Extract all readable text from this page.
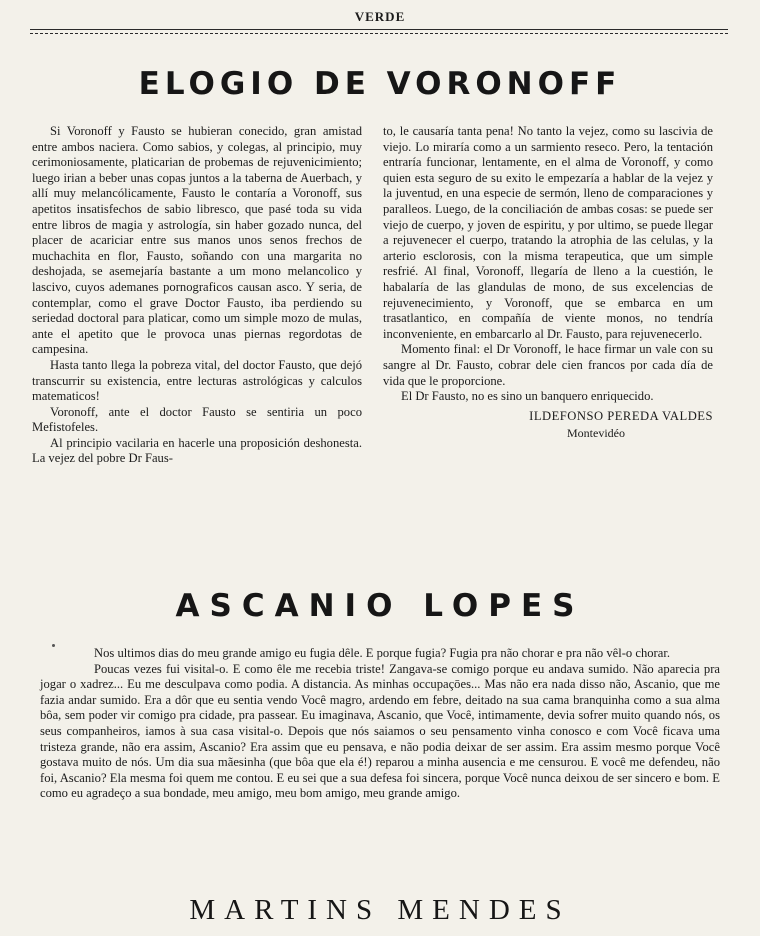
VERDE
ELOGIO DE VORONOFF

Si Voronoff y Fausto se hubieran conecido, gran amistad entre ambos naciera. Como sabios, y colegas, al principio, muy cerimoniosamente, platicarian de probemas de rejuvenicimiento; luego irian a beber unas copas juntos a la taberna de Auerbach, y allí muy melancólicamente, Fausto le contaría a Voronoff, sus apetitos insatisfechos de sabio libresco, que pasé toda su vida entre libros de magia y astrología, sin haber gozado nunca, del placer de acariciar entre sus manos unos senos frechos de muchachita en flor, Fausto, soñando con una margarita no deshojada, se asemejaría bastante a um mono melancolico y lascivo, cuyos ademanes pornograficos causan asco. Y seria, de contemplar, como el grave Doctor Fausto, iba perdiendo su seriedad doctoral para platicar, como um simple mozo de mulas, ante el apetito que le provoca unas piernas regordotas de campesina.

Hasta tanto llega la pobreza vital, del doctor Fausto, que dejó transcurrir su existencia, entre lecturas astrológicas y calculos matematicos!

Voronoff, ante el doctor Fausto se sentiria un poco Mefistofeles.

Al principio vacilaria en hacerle una proposición deshonesta. La vejez del pobre Dr Faus-

to, le causaría tanta pena! No tanto la vejez, como su lascivia de viejo. Lo miraría como a un sarmiento reseco. Pero, la tentación entraría funcionar, lentamente, en el alma de Voronoff, y como quien esta seguro de su exito le empezaría a hablar de la vejez y la juventud, en una especie de sermón, lleno de comparaciones y paralleos. Luego, de la conciliación de ambas cosas: se puede ser viejo de cuerpo, y joven de espiritu, y por ultimo, se puede llegar a rejuvenecer el cuerpo, tratando la atrophia de las celulas, y la arterio esclorosis, con la misma terapeutica, que um simple resfrié. Al final, Voronoff, llegaría de lleno a la cuestión, le habalaría de las glandulas de mono, de sus excelencias de rejuvenecimiento, y Voronoff, que se embarca en um trasatlantico, en compañía de viente monos, no tendría inconveniente, en embarcarlo al Dr. Fausto, para rejuvenecerlo.

Momento final: el Dr Voronoff, le hace firmar un vale con su sangre al Dr. Fausto, cobrar dele cien francos por cada día de vida que le proporcione.

El Dr Fausto, no es sino un banquero enriquecido.

ILDEFONSO PEREDA VALDES
Montevidéo
ASCANIO LOPES

Nos ultimos dias do meu grande amigo eu fugia dêle. E porque fugia? Fugia pra não chorar e pra não vêl-o chorar.

Poucas vezes fui visital-o. E como êle me recebia triste! Zangava-se comigo porque eu andava sumido. Não aparecia pra jogar o xadrez... Eu me desculpava como podia. A distancia. As minhas occupaçōes... Mas não era nada disso não, Ascanio, que me fazia andar sumido. Era a dôr que eu sentia vendo Você magro, ardendo em febre, deitado na sua cama branquinha como a sua alma bôa, sem poder vir comigo pra cidade, pra passear. Eu imaginava, Ascanio, que Você, intimamente, devia sofrer muito quando nós, os seus companheiros, iamos à sua casa visital-o. Depois que nós saiamos o seu pensamento vinha conosco e com Você ficava uma tristeza grande, não era assim, Ascanio? Era assim que eu pensava, e não podia deixar de ser assim. Era assim mesmo porque Você gostava muito de nós. Um dia sua mãesinha (que bôa que ela é!) reparou a minha ausencia e me censurou. E você me defendeu, não foi, Ascanio? Ela mesma foi quem me contou. E eu sei que a sua defesa foi sincera, porque Você nunca deixou de ser sincero e bom. E como eu agradeço a sua bondade, meu amigo, meu bom amigo, meu grande amigo.

MARTINS MENDES
